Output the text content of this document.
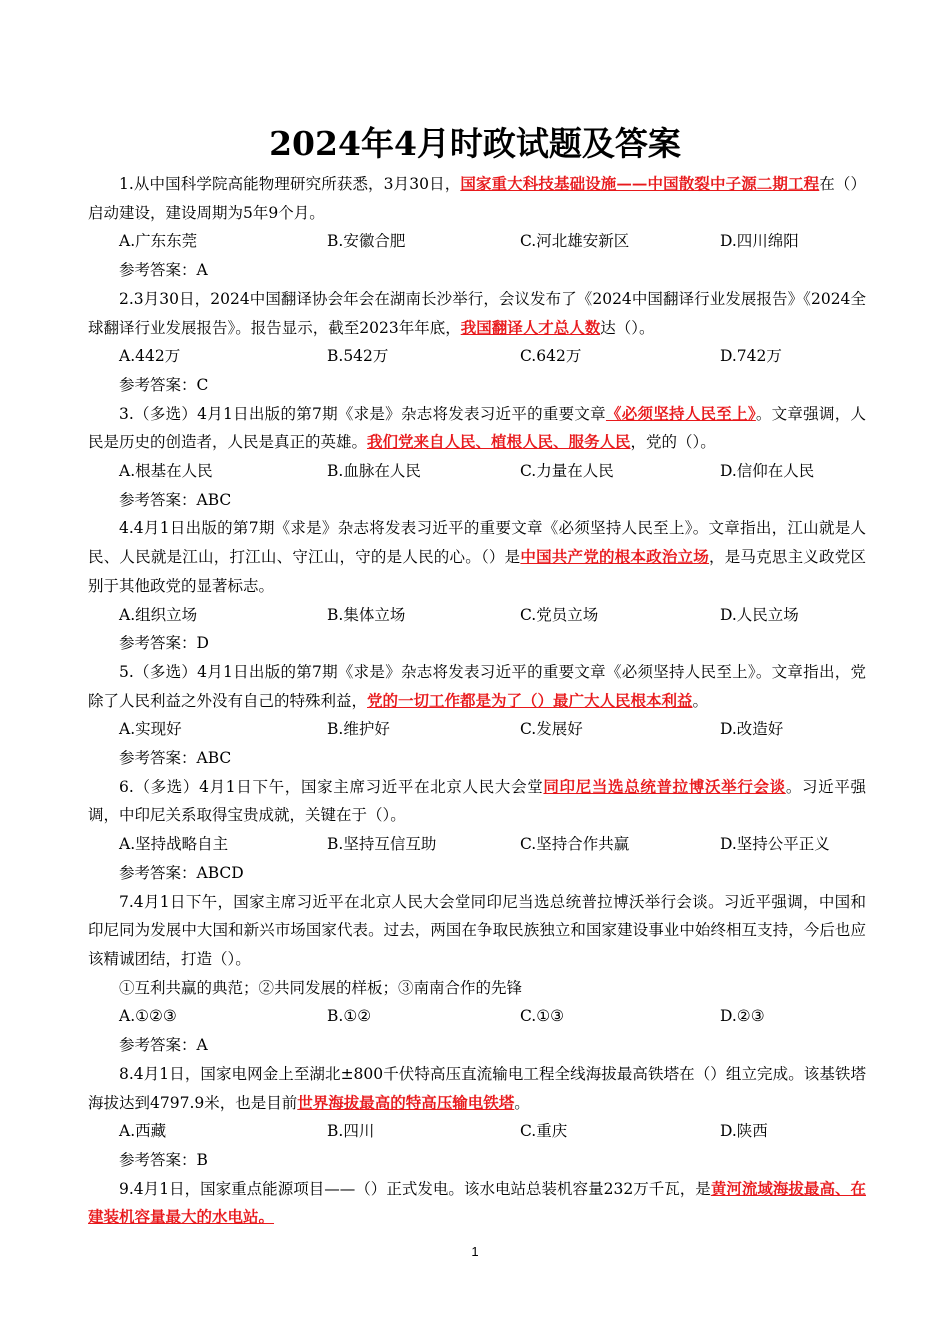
2024年4月时政试题及答案

1.从中国科学院高能物理研究所获悉，3月30日，国家重大科技基础设施——中国散裂中子源二期工程在（）启动建设，建设周期为5年9个月。

A.广东东莞	B.安徽合肥	C.河北雄安新区	D.四川绵阳

参考答案：A

2.3月30日，2024中国翻译协会年会在湖南长沙举行，会议发布了《2024中国翻译行业发展报告》《2024全球翻译行业发展报告》。报告显示，截至2023年年底，我国翻译人才总人数达（）。

A.442万	B.542万	C.642万	D.742万

参考答案：C

3.（多选）4月1日出版的第7期《求是》杂志将发表习近平的重要文章《必须坚持人民至上》。文章强调，人民是历史的创造者，人民是真正的英雄。我们党来自人民、植根人民、服务人民，党的（）。

A.根基在人民	B.血脉在人民	C.力量在人民	D.信仰在人民

参考答案：ABC

4.4月1日出版的第7期《求是》杂志将发表习近平的重要文章《必须坚持人民至上》。文章指出，江山就是人民、人民就是江山，打江山、守江山，守的是人民的心。（）是中国共产党的根本政治立场，是马克思主义政党区别于其他政党的显著标志。

A.组织立场	B.集体立场	C.党员立场	D.人民立场

参考答案：D

5.（多选）4月1日出版的第7期《求是》杂志将发表习近平的重要文章《必须坚持人民至上》。文章指出，党除了人民利益之外没有自己的特殊利益，党的一切工作都是为了（）最广大人民根本利益。

A.实现好	B.维护好	C.发展好	D.改造好

参考答案：ABC

6.（多选）4月1日下午，国家主席习近平在北京人民大会堂同印尼当选总统普拉博沃举行会谈。习近平强调，中印尼关系取得宝贵成就，关键在于（）。

A.坚持战略自主	B.坚持互信互助	C.坚持合作共赢	D.坚持公平正义

参考答案：ABCD

7.4月1日下午，国家主席习近平在北京人民大会堂同印尼当选总统普拉博沃举行会谈。习近平强调，中国和印尼同为发展中大国和新兴市场国家代表。过去，两国在争取民族独立和国家建设事业中始终相互支持，今后也应该精诚团结，打造（）。

①互利共赢的典范；②共同发展的样板；③南南合作的先锋

A.①②③	B.①②	C.①③	D.②③

参考答案：A

8.4月1日，国家电网金上至湖北±800千伏特高压直流输电工程全线海拔最高铁塔在（）组立完成。该基铁塔海拔达到4797.9米，也是目前世界海拔最高的特高压输电铁塔。

A.西藏	B.四川	C.重庆	D.陕西

参考答案：B

9.4月1日，国家重点能源项目——（）正式发电。该水电站总装机容量232万千瓦，是黄河流域海拔最高、在建装机容量最大的水电站。

1
